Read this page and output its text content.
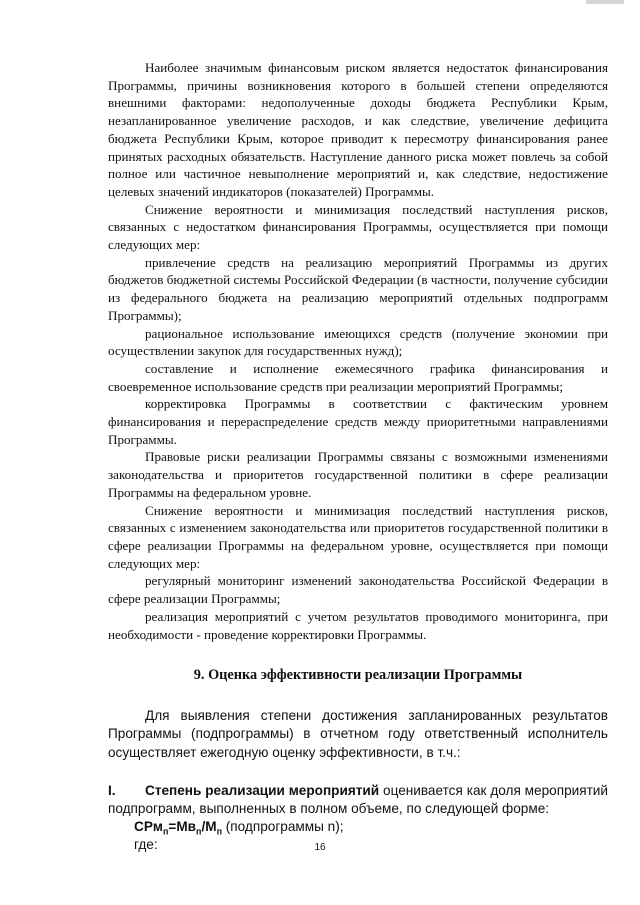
Наиболее значимым финансовым риском является недостаток финансирования Программы, причины возникновения которого в большей степени определяются внешними факторами: недополученные доходы бюджета Республики Крым, незапланированное увеличение расходов, и как следствие, увеличение дефицита бюджета Республики Крым, которое приводит к пересмотру финансирования ранее принятых расходных обязательств. Наступление данного риска может повлечь за собой полное или частичное невыполнение мероприятий и, как следствие, недостижение целевых значений индикаторов (показателей) Программы.

Снижение вероятности и минимизация последствий наступления рисков, связанных с недостатком финансирования Программы, осуществляется при помощи следующих мер:

привлечение средств на реализацию мероприятий Программы из других бюджетов бюджетной системы Российской Федерации (в частности, получение субсидии из федерального бюджета на реализацию мероприятий отдельных подпрограмм Программы);

рациональное использование имеющихся средств (получение экономии при осуществлении закупок для государственных нужд);

составление и исполнение ежемесячного графика финансирования и своевременное использование средств при реализации мероприятий Программы;

корректировка Программы в соответствии с фактическим уровнем финансирования и перераспределение средств между приоритетными направлениями Программы.

Правовые риски реализации Программы связаны с возможными изменениями законодательства и приоритетов государственной политики в сфере реализации Программы на федеральном уровне.

Снижение вероятности и минимизация последствий наступления рисков, связанных с изменением законодательства или приоритетов государственной политики в сфере реализации Программы на федеральном уровне, осуществляется при помощи следующих мер:

регулярный мониторинг изменений законодательства Российской Федерации в сфере реализации Программы;

реализация мероприятий с учетом результатов проводимого мониторинга, при необходимости - проведение корректировки Программы.

9. Оценка эффективности реализации Программы

Для выявления степени достижения запланированных результатов Программы (подпрограммы) в отчетном году ответственный исполнитель осуществляет ежегодную оценку эффективности, в т.ч.:

I. Степень реализации мероприятий оценивается как доля мероприятий подпрограмм, выполненных в полном объеме, по следующей форме:

$СРм_п=Мв_п/М_п$ (подпрограммы n);

где:	16
